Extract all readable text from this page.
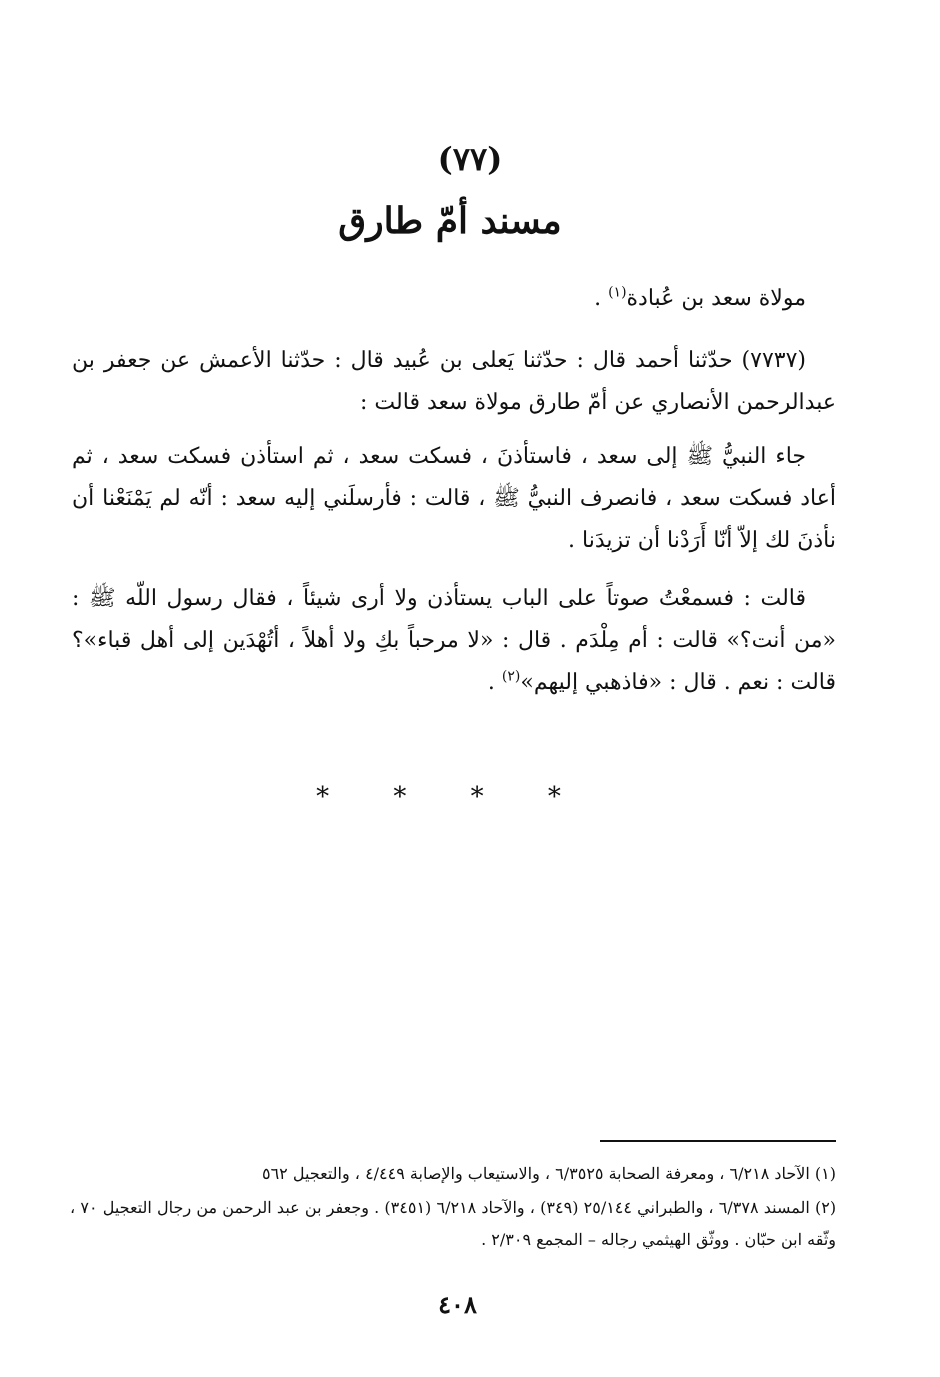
(٧٧)
مسند أمّ طارق
مولاة سعد بن عُبادة$^{(١)}$ .
(٧٧٣٧) حدّثنا أحمد قال : حدّثنا يَعلى بن عُبيد قال : حدّثنا الأعمش عن جعفر بن عبدالرحمن الأنصاري عن أمّ طارق مولاة سعد قالت :
جاء النبيُّ ﷺ إلى سعد ، فاستأذنَ ، فسكت سعد ، ثم استأذن فسكت سعد ، ثم أعاد فسكت سعد ، فانصرف النبيُّ ﷺ ، قالت : فأرسلَني إليه سعد : أنّه لم يَمْنَعْنا أن نأذنَ لك إلاّ أنّا أَرَدْنا أن تزيدَنا .
قالت : فسمعْتُ صوتاً على الباب يستأذن ولا أرى شيئاً ، فقال رسول اللّه ﷺ : «من أنت؟» قالت : أم مِلْدَم . قال : «لا مرحباً بكِ ولا أهلاً ، أتُهْدَين إلى أهل قباء»؟ قالت : نعم . قال : «فاذهبي إليهم»$^{(٢)}$ .
* * * *

(١) الآحاد ٦/٢١٨ ، ومعرفة الصحابة ٦/٣٥٢٥ ، والاستيعاب والإصابة ٤/٤٤٩ ، والتعجيل ٥٦٢

(٢) المسند ٦/٣٧٨ ، والطبراني ٢٥/١٤٤ (٣٤٩) ، والآحاد ٦/٢١٨ (٣٤٥١) . وجعفر بن عبد الرحمن من رجال التعجيل ٧٠ ، وثّقه ابن حبّان . ووثّق الهيثمي رجاله – المجمع ٢/٣٠٩ .

٤٠٨
